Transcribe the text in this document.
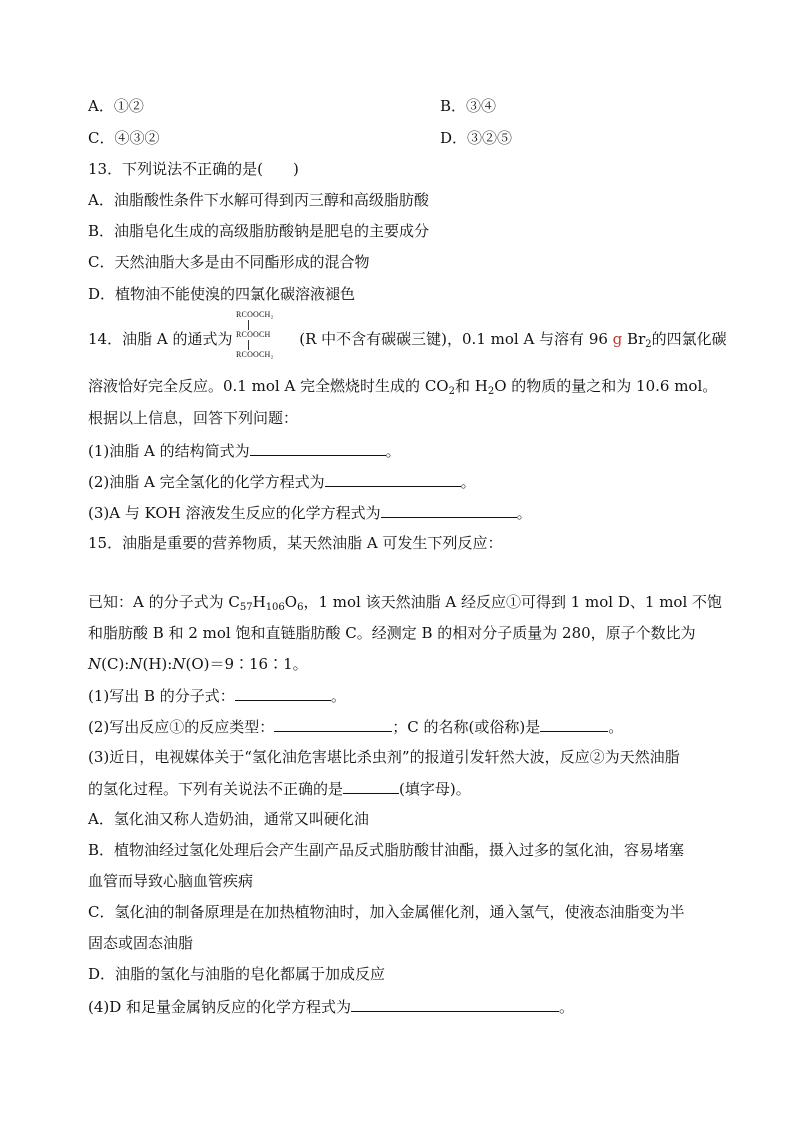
A．①②	B．③④
C．④③②	D．③②⑤
13．下列说法不正确的是(　　)
A．油脂酸性条件下水解可得到丙三醇和高级脂肪酸
B．油脂皂化生成的高级脂肪酸钠是肥皂的主要成分
C．天然油脂大多是由不同酯形成的混合物
D．植物油不能使溴的四氯化碳溶液褪色
RCOOCH₂
RCOOCH
RCOOCH₂
14．油脂 A 的通式为	(R 中不含有碳碳三键)，0.1 mol A 与溶有 96 g $Br_2$的四氯化碳
溶液恰好完全反应。0.1 mol A 完全燃烧时生成的 $CO_2$和 $H_2O$ 的物质的量之和为 10.6 mol。
根据以上信息，回答下列问题：
(1)油脂 A 的结构简式为	。
(2)油脂 A 完全氢化的化学方程式为	。
(3)A 与 KOH 溶液发生反应的化学方程式为	。
15．油脂是重要的营养物质，某天然油脂 A 可发生下列反应：
已知：A 的分子式为 $C_{57}H_{106}O_6$，1 mol 该天然油脂 A 经反应①可得到 1 mol D、1 mol 不饱
和脂肪酸 B 和 2 mol 饱和直链脂肪酸 C。经测定 B 的相对分子质量为 280，原子个数比为
N(C):N(H):N(O)＝9∶16∶1。
(1)写出 B 的分子式：	。
(2)写出反应①的反应类型：	；C 的名称(或俗称)是	。
(3)近日，电视媒体关于“氢化油危害堪比杀虫剂”的报道引发轩然大波，反应②为天然油脂
的氢化过程。下列有关说法不正确的是	(填字母)。
A．氢化油又称人造奶油，通常又叫硬化油
B．植物油经过氢化处理后会产生副产品反式脂肪酸甘油酯，摄入过多的氢化油，容易堵塞
血管而导致心脑血管疾病
C．氢化油的制备原理是在加热植物油时，加入金属催化剂，通入氢气，使液态油脂变为半
固态或固态油脂
D．油脂的氢化与油脂的皂化都属于加成反应
(4)D 和足量金属钠反应的化学方程式为	。
